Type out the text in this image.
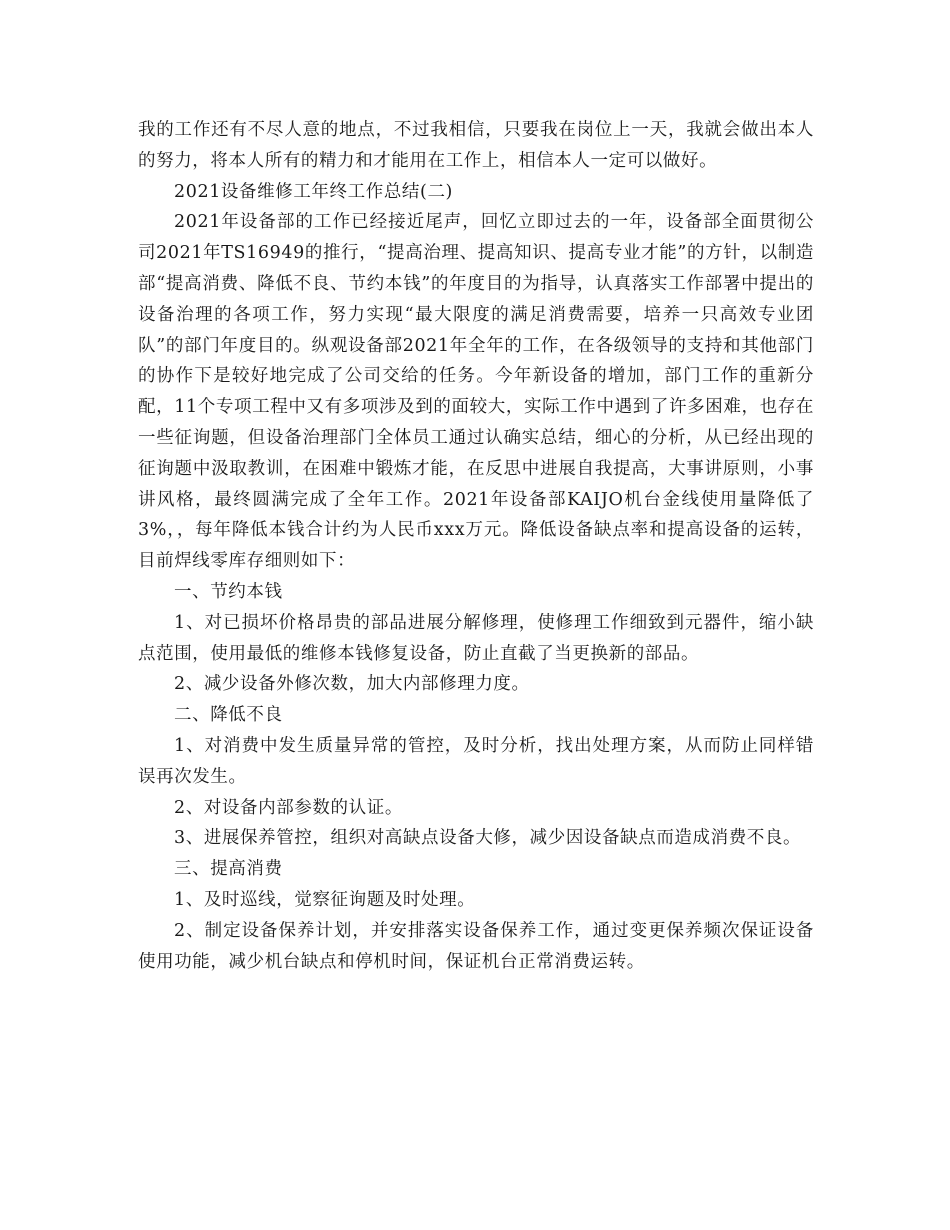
我的工作还有不尽人意的地点，不过我相信，只要我在岗位上一天，我就会做出本人的努力，将本人所有的精力和才能用在工作上，相信本人一定可以做好。

2021设备维修工年终工作总结(二)

2021年设备部的工作已经接近尾声，回忆立即过去的一年，设备部全面贯彻公司2021年TS16949的推行，“提高治理、提高知识、提高专业才能”的方针，以制造部“提高消费、降低不良、节约本钱”的年度目的为指导，认真落实工作部署中提出的设备治理的各项工作，努力实现“最大限度的满足消费需要，培养一只高效专业团队”的部门年度目的。纵观设备部2021年全年的工作，在各级领导的支持和其他部门的协作下是较好地完成了公司交给的任务。今年新设备的增加，部门工作的重新分配，11个专项工程中又有多项涉及到的面较大，实际工作中遇到了许多困难，也存在一些征询题，但设备治理部门全体员工通过认确实总结，细心的分析，从已经出现的征询题中汲取教训，在困难中锻炼才能，在反思中进展自我提高，大事讲原则，小事讲风格，最终圆满完成了全年工作。2021年设备部KAIJO机台金线使用量降低了3%，，每年降低本钱合计约为人民币xxx万元。降低设备缺点率和提高设备的运转，目前焊线零库存细则如下：

一、节约本钱

1、对已损坏价格昂贵的部品进展分解修理，使修理工作细致到元器件，缩小缺点范围，使用最低的维修本钱修复设备，防止直截了当更换新的部品。

2、减少设备外修次数，加大内部修理力度。

二、降低不良

1、对消费中发生质量异常的管控，及时分析，找出处理方案，从而防止同样错误再次发生。

2、对设备内部参数的认证。

3、进展保养管控，组织对高缺点设备大修，减少因设备缺点而造成消费不良。

三、提高消费

1、及时巡线，觉察征询题及时处理。

2、制定设备保养计划，并安排落实设备保养工作，通过变更保养频次保证设备使用功能，减少机台缺点和停机时间，保证机台正常消费运转。
